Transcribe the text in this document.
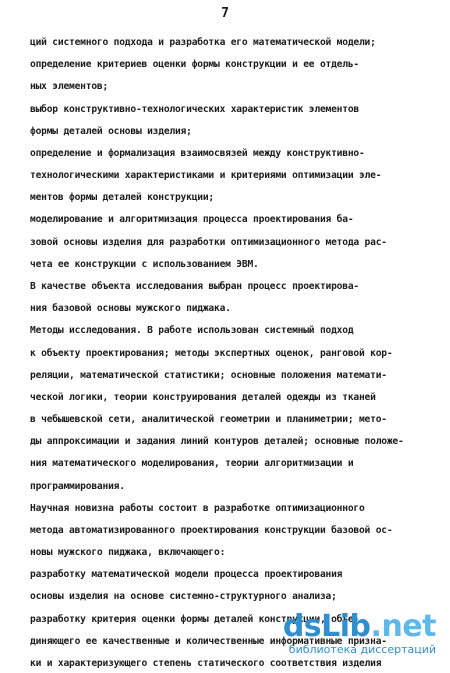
7
ций системного подхода и разработка его математической модели;
определение критериев оценки формы конструкции и ее отдель-
ных элементов;
выбор конструктивно-технологических характеристик элементов
формы деталей основы изделия;
определение и формализация взаимосвязей между конструктивно-
технологическими характеристиками и критериями оптимизации эле-
ментов формы деталей конструкции;
моделирование и алгоритмизация процесса проектирования ба-
зовой основы изделия для разработки оптимизационного метода рас-
чета ее конструкции с использованием ЭВМ.
В качестве объекта исследования выбран процесс проектирова-
ния базовой основы мужского пиджака.
Методы исследования. В работе использован системный подход
к объекту проектирования; методы экспертных оценок, ранговой кор-
реляции, математической статистики; основные положения математи-
ческой логики, теории конструирования деталей одежды из тканей
в чебышевской сети, аналитической геометрии и планиметрии; мето-
ды аппроксимации и задания линий контуров деталей; основные положе-
ния математического моделирования, теории алгоритмизации и
программирования.
Научная новизна работы состоит в разработке оптимизационного
метода автоматизированного проектирования конструкции базовой ос-
новы мужского пиджака, включающего:
разработку математической модели процесса проектирования
основы изделия на основе системно-структурного анализа;
разработку критерия оценки формы деталей конструкции, объе-
диняющего ее качественные и количественные информативные призна-
ки и характеризующего степень статического соответствия изделия
dsLib.net
библиотека диссертаций
